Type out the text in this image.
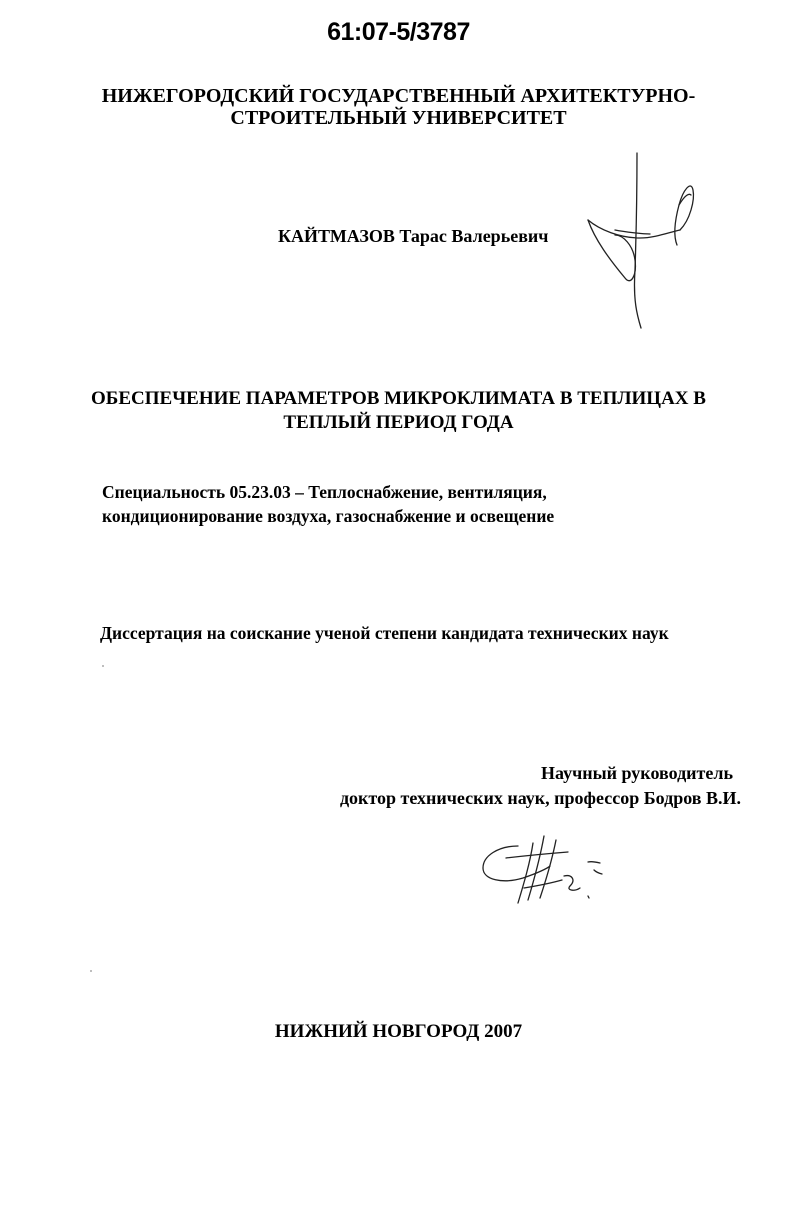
61:07-5/3787
НИЖЕГОРОДСКИЙ ГОСУДАРСТВЕННЫЙ АРХИТЕКТУРНО-
СТРОИТЕЛЬНЫЙ УНИВЕРСИТЕТ
КАЙТМАЗОВ Тарас Валерьевич
ОБЕСПЕЧЕНИЕ ПАРАМЕТРОВ МИКРОКЛИМАТА В ТЕПЛИЦАХ В
ТЕПЛЫЙ ПЕРИОД ГОДА
Специальность 05.23.03 – Теплоснабжение, вентиляция,
кондиционирование воздуха, газоснабжение и освещение
Диссертация на соискание ученой степени кандидата технических наук
Научный руководитель
доктор технических наук, профессор Бодров В.И.
НИЖНИЙ НОВГОРОД 2007
